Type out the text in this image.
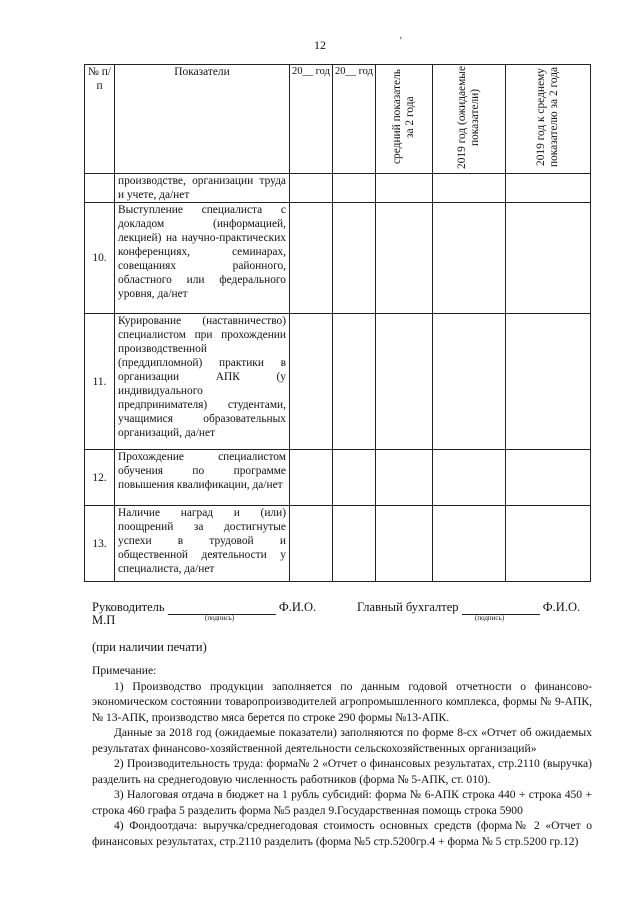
12	'
№ п/п	Показатели	20__ год	20__ год	средний показатель за 2 года	2019 год (ожидаемые показатели)	2019 год к среднему показателю за 2 года
	производстве, организации труда и учете, да/нет					
10.	Выступление специалиста с докладом (информацией, лекцией) на научно-практических конференциях, семинарах, совещаниях районного, областного или федерального уровня, да/нет					
11.	Курирование (наставничество) специалистом при прохождении производственной (преддипломной) практики в организации АПК (у индивидуального предпринимателя) студентами, учащимися образовательных организаций, да/нет					
12.	Прохождение специалистом обучения по программе повышения квалификации, да/нет					
13.	Наличие наград и (или) поощрений за достигнутые успехи в трудовой и общественной деятельности у специалиста, да/нет					
Руководитель	Ф.И.О.
(подпись)
Главный бухгалтер	Ф.И.О.
(подпись)
М.П
(при наличии печати)

Примечание:

1) Производство продукции заполняется по данным годовой отчетности о финансово-экономическом состоянии товаропроизводителей агропромышленного комплекса, формы № 9-АПК, № 13-АПК, производство мяса берется по строке 290 формы №13-АПК.

Данные за 2018 год (ожидаемые показатели) заполняются по форме 8-сх «Отчет об ожидаемых результатах финансово-хозяйственной деятельности сельскохозяйственных организаций»

2) Производительность труда: форма№ 2 «Отчет о финансовых результатах, стр.2110 (выручка) разделить на среднегодовую численность работников (форма № 5-АПК, ст. 010).

3) Налоговая отдача в бюджет на 1 рубль субсидий: форма № 6-АПК строка 440 + строка 450 + строка 460 графа 5 разделить форма №5 раздел 9.Государственная помощь строка 5900

4) Фондоотдача: выручка/среднегодовая стоимость основных средств (форма№ 2 «Отчет о финансовых результатах, стр.2110 разделить (форма №5 стр.5200гр.4 + форма № 5 стр.5200 гр.12)
